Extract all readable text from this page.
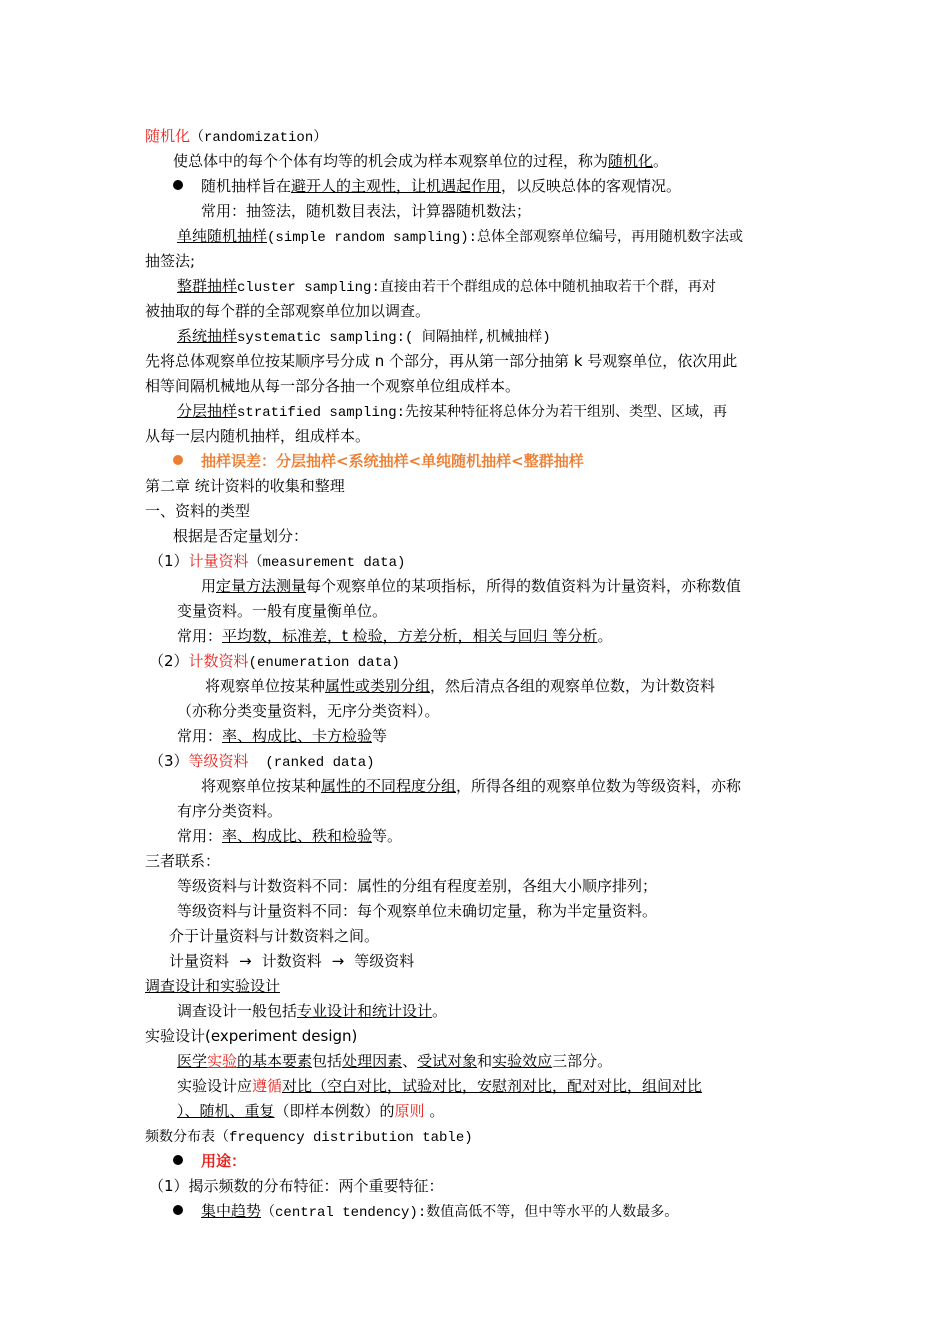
随机化（randomization）
使总体中的每个个体有均等的机会成为样本观察单位的过程，称为随机化。
随机抽样旨在避开人的主观性，让机遇起作用，以反映总体的客观情况。
常用：抽签法，随机数目表法，计算器随机数法；
单纯随机抽样(simple random sampling):总体全部观察单位编号，再用随机数字法或
抽签法;
整群抽样cluster sampling:直接由若干个群组成的总体中随机抽取若干个群，再对
被抽取的每个群的全部观察单位加以调查。
系统抽样systematic sampling:( 间隔抽样,机械抽样)
先将总体观察单位按某顺序号分成 n 个部分，再从第一部分抽第 k 号观察单位，依次用此
相等间隔机械地从每一部分各抽一个观察单位组成样本。
分层抽样stratified sampling:先按某种特征将总体分为若干组别、类型、区域，再
从每一层内随机抽样，组成样本。
抽样误差：分层抽样<系统抽样<单纯随机抽样<整群抽样
第二章 统计资料的收集和整理
一、资料的类型
根据是否定量划分：
（1）计量资料（measurement data)
用定量方法测量每个观察单位的某项指标，所得的数值资料为计量资料，亦称数值
变量资料。一般有度量衡单位。
常用：平均数，标准差，t 检验，方差分析，相关与回归 等分析。
（2）计数资料(enumeration data)
将观察单位按某种属性或类别分组，然后清点各组的观察单位数，为计数资料
（亦称分类变量资料，无序分类资料）。
常用：率、构成比、卡方检验等
（3）等级资料  (ranked data)
将观察单位按某种属性的不同程度分组，所得各组的观察单位数为等级资料，亦称
有序分类资料。
常用：率、构成比、秩和检验等。
三者联系：
等级资料与计数资料不同：属性的分组有程度差别，各组大小顺序排列；
等级资料与计量资料不同：每个观察单位未确切定量，称为半定量资料。
介于计量资料与计数资料之间。
计量资料 → 计数资料 → 等级资料
调查设计和实验设计
调查设计一般包括专业设计和统计设计。
实验设计(experiment design)
医学实验的基本要素包括处理因素、受试对象和实验效应三部分。
实验设计应遵循对比（空白对比，试验对比，安慰剂对比，配对对比，组间对比
）、随机、重复（即样本例数）的原则 。
频数分布表（frequency distribution table)
用途：
（1）揭示频数的分布特征：两个重要特征：
集中趋势（central tendency):数值高低不等，但中等水平的人数最多。
